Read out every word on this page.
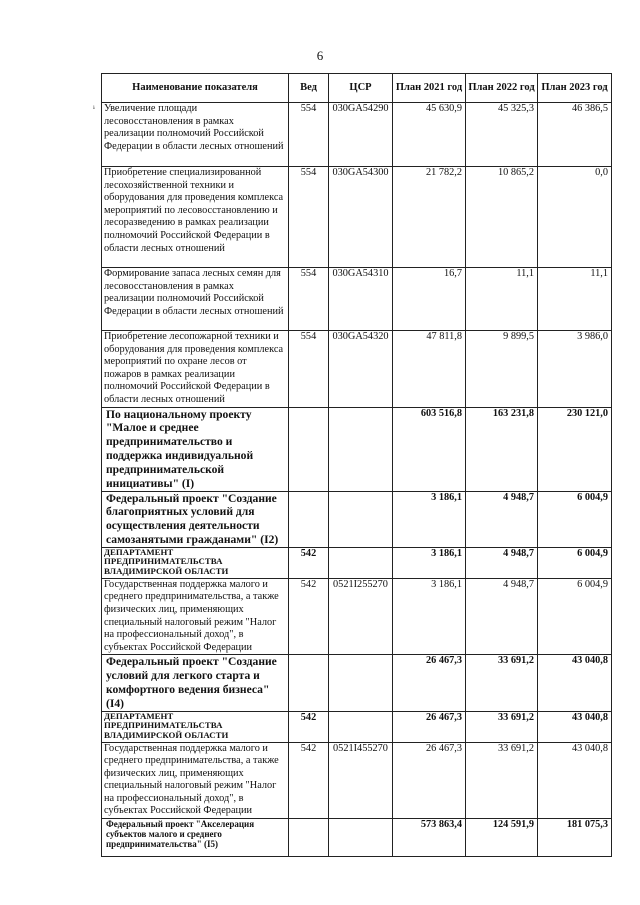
6
ⁱ
Наименование показателя	Вед	ЦСР	План 2021 год	План 2022 год	План 2023 год
Увеличение площади лесовосстановления в рамках реализации полномочий Российской Федерации в области лесных отношений	554	030GA54290	45 630,9	45 325,3	46 386,5
Приобретение специализированной лесохозяйственной техники и оборудования для проведения комплекса мероприятий по лесовосстановлению и лесоразведению в рамках реализации полномочий Российской Федерации в области лесных отношений	554	030GA54300	21 782,2	10 865,2	0,0
Формирование запаса лесных семян для лесовосстановления в рамках реализации полномочий Российской Федерации в области лесных отношений	554	030GA54310	16,7	11,1	11,1
Приобретение лесопожарной техники и оборудования для проведения комплекса мероприятий по охране лесов от пожаров в рамках реализации полномочий Российской Федерации в области лесных отношений	554	030GA54320	47 811,8	9 899,5	3 986,0
По национальному проекту "Малое и среднее предпринимательство и поддержка индивидуальной предпринимательской инициативы" (I)			603 516,8	163 231,8	230 121,0
Федеральный проект "Создание благоприятных условий для осуществления деятельности самозанятыми гражданами" (I2)			3 186,1	4 948,7	6 004,9
ДЕПАРТАМЕНТ ПРЕДПРИНИМАТЕЛЬСТВА ВЛАДИМИРСКОЙ ОБЛАСТИ	542		3 186,1	4 948,7	6 004,9
Государственная поддержка малого и среднего предпринимательства, а также физических лиц, применяющих специальный налоговый режим "Налог на профессиональный доход", в субъектах Российской Федерации	542	0521I255270	3 186,1	4 948,7	6 004,9
Федеральный проект "Создание условий для легкого старта и комфортного ведения бизнеса" (I4)			26 467,3	33 691,2	43 040,8
ДЕПАРТАМЕНТ ПРЕДПРИНИМАТЕЛЬСТВА ВЛАДИМИРСКОЙ ОБЛАСТИ	542		26 467,3	33 691,2	43 040,8
Государственная поддержка малого и среднего предпринимательства, а также физических лиц, применяющих специальный налоговый режим "Налог на профессиональный доход", в субъектах Российской Федерации	542	0521I455270	26 467,3	33 691,2	43 040,8
Федеральный проект "Акселерация субъектов малого и среднего предпринимательства" (I5)			573 863,4	124 591,9	181 075,3
